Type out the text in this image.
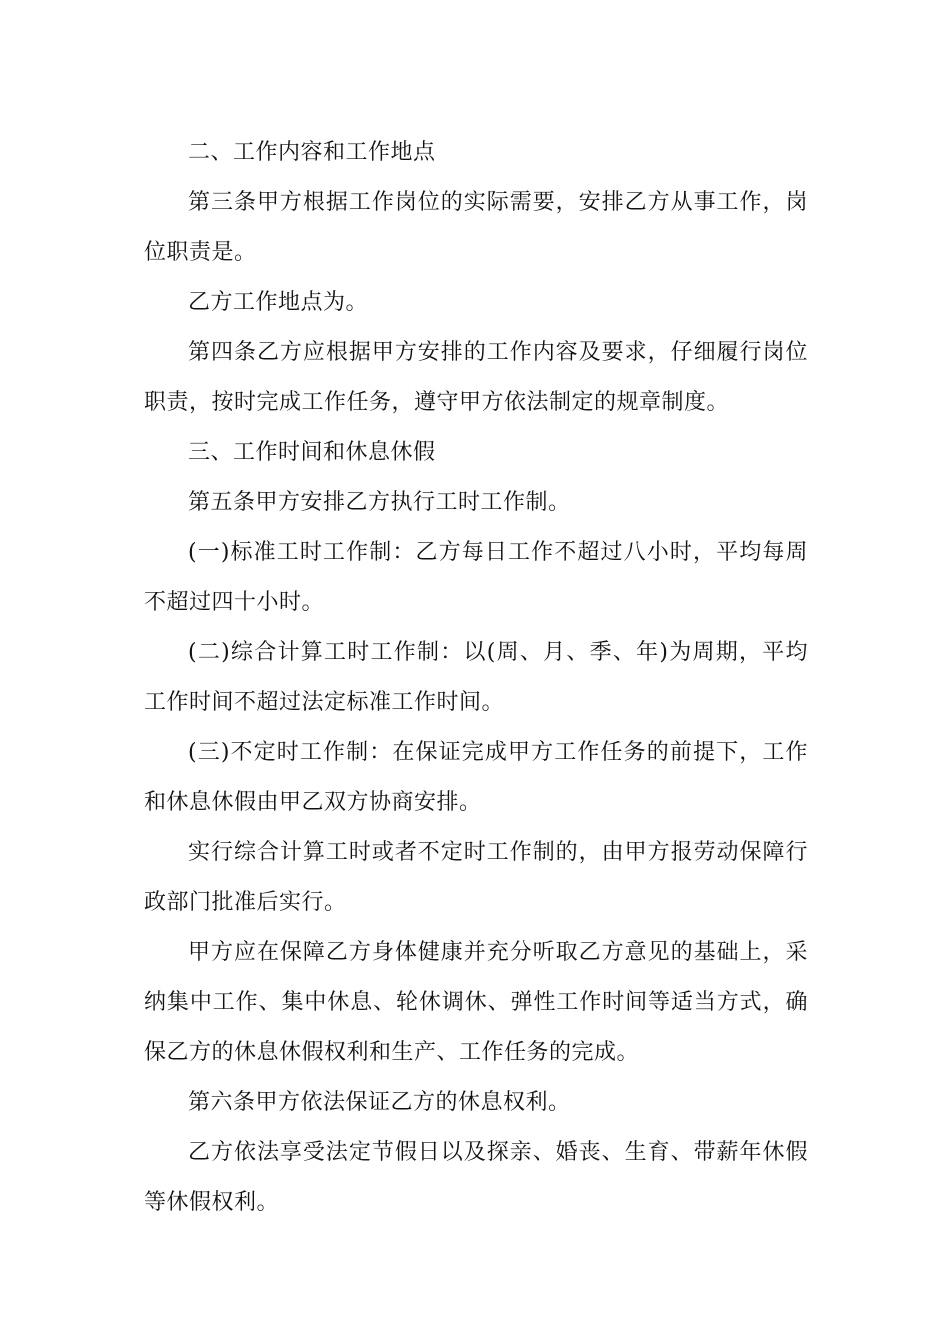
二、工作内容和工作地点

第三条甲方根据工作岗位的实际需要，安排乙方从事工作，岗位职责是。

乙方工作地点为。

第四条乙方应根据甲方安排的工作内容及要求，仔细履行岗位职责，按时完成工作任务，遵守甲方依法制定的规章制度。

三、工作时间和休息休假

第五条甲方安排乙方执行工时工作制。

(一)标准工时工作制：乙方每日工作不超过八小时，平均每周不超过四十小时。

(二)综合计算工时工作制：以(周、月、季、年)为周期，平均工作时间不超过法定标准工作时间。

(三)不定时工作制：在保证完成甲方工作任务的前提下，工作和休息休假由甲乙双方协商安排。

实行综合计算工时或者不定时工作制的，由甲方报劳动保障行政部门批准后实行。

甲方应在保障乙方身体健康并充分听取乙方意见的基础上，采纳集中工作、集中休息、轮休调休、弹性工作时间等适当方式，确保乙方的休息休假权利和生产、工作任务的完成。

第六条甲方依法保证乙方的休息权利。

乙方依法享受法定节假日以及探亲、婚丧、生育、带薪年休假等休假权利。
